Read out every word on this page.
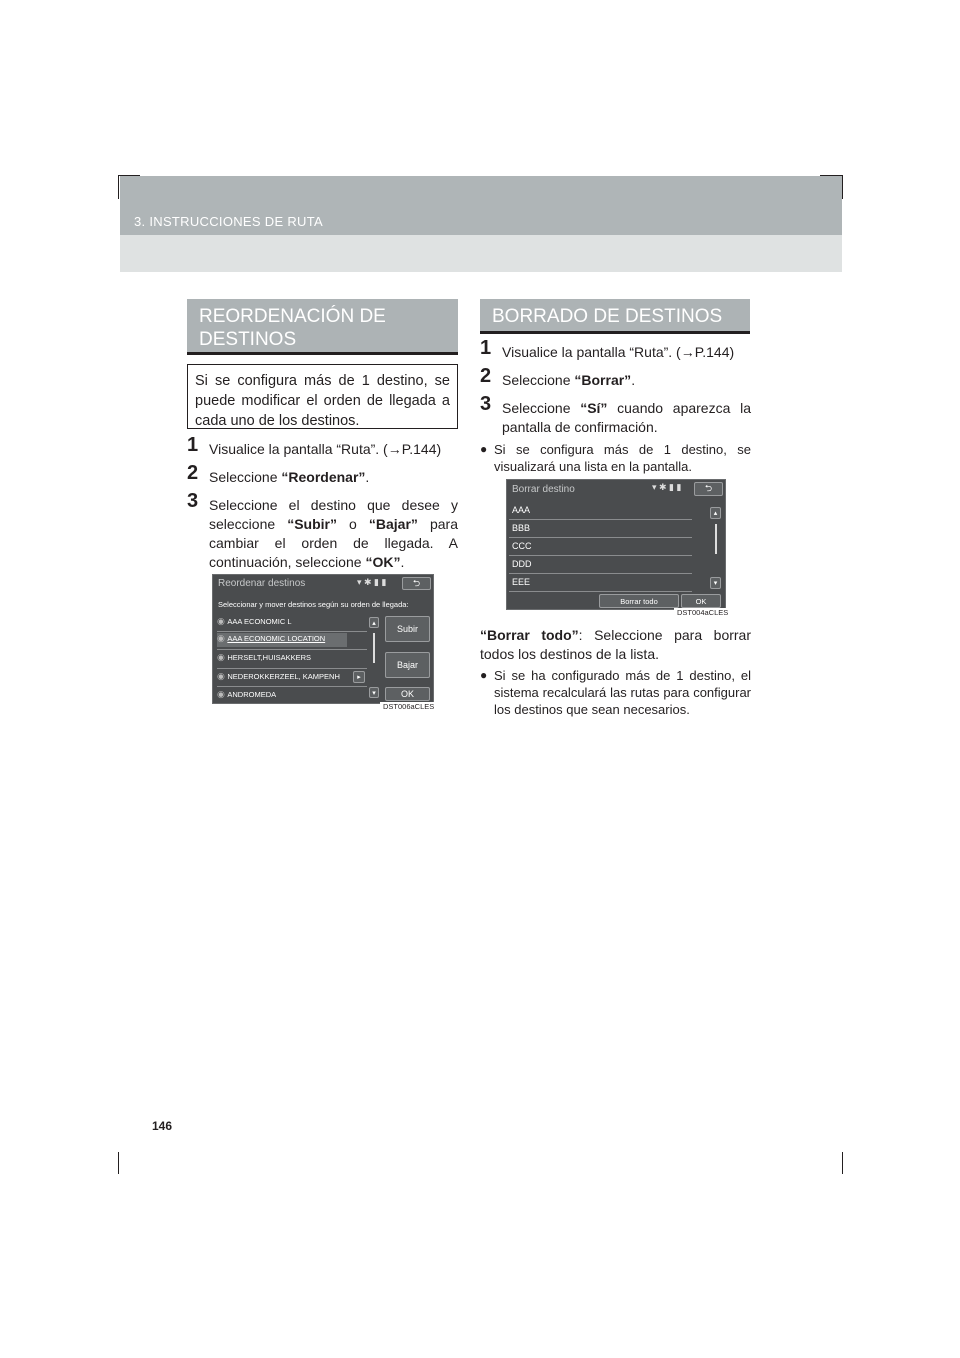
3. INSTRUCCIONES DE RUTA
REORDENACIÓN DE DESTINOS
Si se configura más de 1 destino, se puede modificar el orden de llegada a cada uno de los destinos.
1 Visualice la pantalla “Ruta”. (→P.144)
2 Seleccione “Reordenar”.
3 Seleccione el destino que desee y seleccione “Subir” o “Bajar” para cambiar el orden de llegada. A continuación, seleccione “OK”.
Reordenar destinos	▾ ✱ ▮ ▮	⮌
Seleccionar y mover destinos según su orden de llegada:
◉ AAA ECONOMIC L
◉ AAA ECONOMIC LOCATION
◉ HERSELT,HUISAKKERS
◉ NEDEROKKERZEEL, KAMPENH
◉ ANDROMEDA
▴
▸
▾
Subir
Bajar
OK
DST006aCLES
BORRADO DE DESTINOS
1 Visualice la pantalla “Ruta”. (→P.144)
2 Seleccione “Borrar”.
3 Seleccione “Sí” cuando aparezca la pantalla de confirmación.
● Si se configura más de 1 destino, se visualizará una lista en la pantalla.
Borrar destino	▾ ✱ ▮ ▮	⮌
AAA
BBB
CCC
DDD
EEE
▴
▾
Borrar todo	OK
DST004aCLES
“Borrar todo”: Seleccione para borrar todos los destinos de la lista.
● Si se ha configurado más de 1 destino, el sistema recalculará las rutas para configurar los destinos que sean necesarios.
146
